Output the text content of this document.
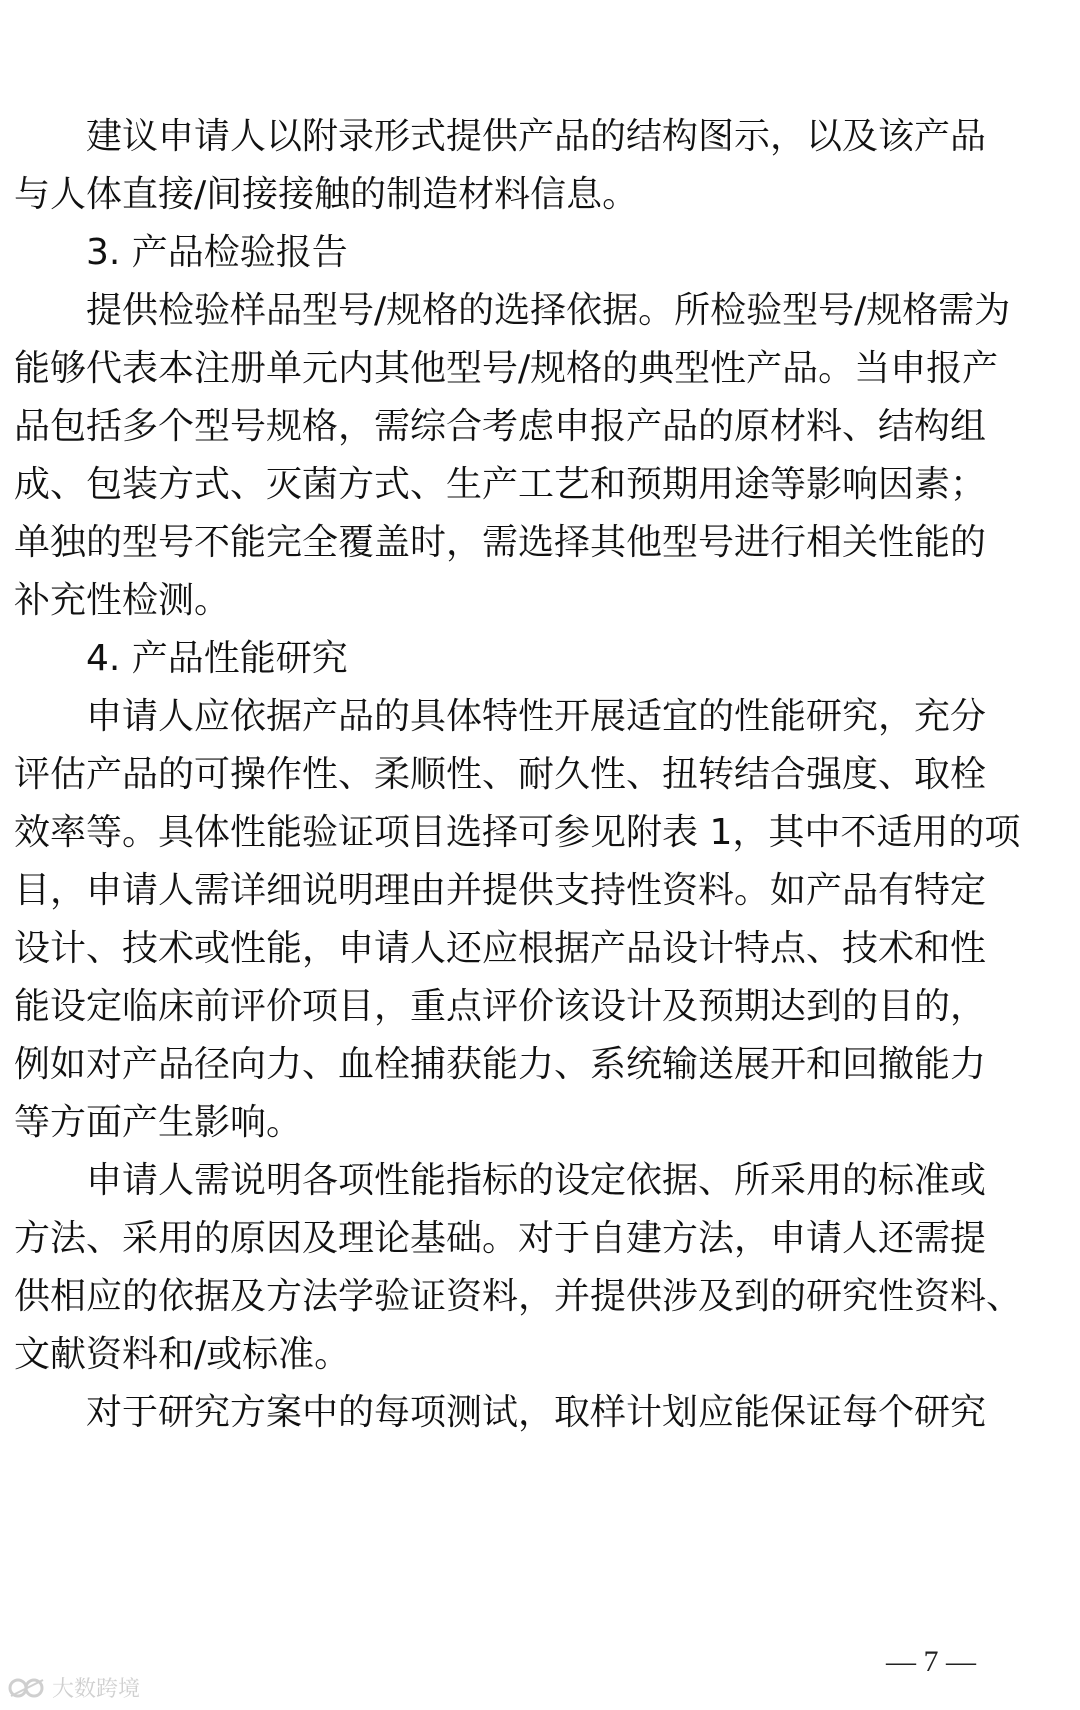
建议申请人以附录形式提供产品的结构图示，以及该产品
与人体直接/间接接触的制造材料信息。
3. 产品检验报告
提供检验样品型号/规格的选择依据。所检验型号/规格需为
能够代表本注册单元内其他型号/规格的典型性产品。当申报产
品包括多个型号规格，需综合考虑申报产品的原材料、结构组
成、包装方式、灭菌方式、生产工艺和预期用途等影响因素；
单独的型号不能完全覆盖时，需选择其他型号进行相关性能的
补充性检测。
4. 产品性能研究
申请人应依据产品的具体特性开展适宜的性能研究，充分
评估产品的可操作性、柔顺性、耐久性、扭转结合强度、取栓
效率等。具体性能验证项目选择可参见附表 1，其中不适用的项
目，申请人需详细说明理由并提供支持性资料。如产品有特定
设计、技术或性能，申请人还应根据产品设计特点、技术和性
能设定临床前评价项目，重点评价该设计及预期达到的目的，
例如对产品径向力、血栓捕获能力、系统输送展开和回撤能力
等方面产生影响。
申请人需说明各项性能指标的设定依据、所采用的标准或
方法、采用的原因及理论基础。对于自建方法，申请人还需提
供相应的依据及方法学验证资料，并提供涉及到的研究性资料、
文献资料和/或标准。
对于研究方案中的每项测试，取样计划应能保证每个研究
— 7 —
大数跨境
